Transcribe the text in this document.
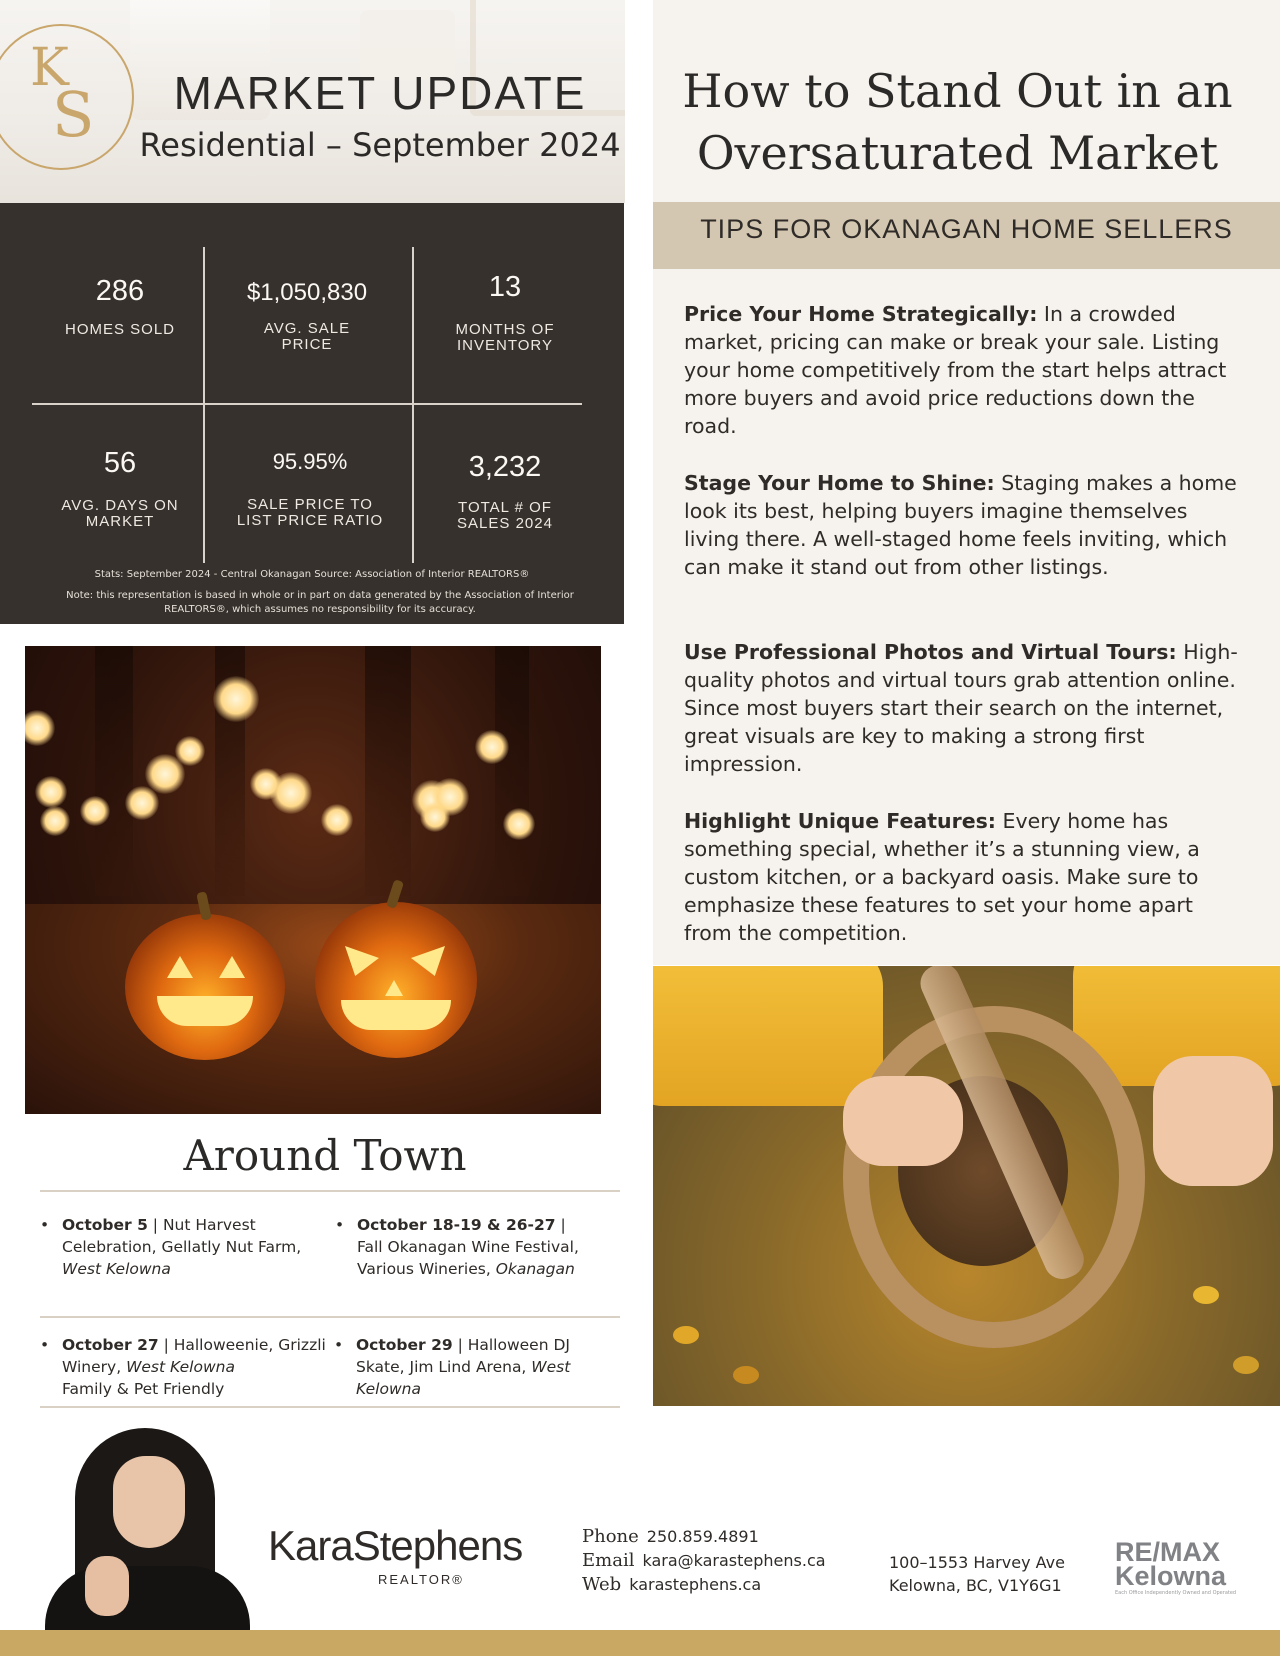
K
S	MARKET UPDATE
Residential – September 2024
286
HOMES SOLD
$1,050,830
AVG. SALE PRICE
13
MONTHS OF INVENTORY
56
AVG. DAYS ON MARKET
95.95%
SALE PRICE TO LIST PRICE RATIO
3,232
TOTAL # OF SALES 2024
Stats: September 2024 - Central Okanagan Source: Association of Interior REALTORS®
Note: this representation is based in whole or in part on data generated by the Association of Interior REALTORS®, which assumes no responsibility for its accuracy.
Around Town
• October 5 | Nut Harvest Celebration, Gellatly Nut Farm, West Kelowna
• October 18-19 & 26-27 | Fall Okanagan Wine Festival, Various Wineries, Okanagan
• October 27 | Halloweenie, Grizzli Winery, West Kelowna
Family & Pet Friendly
• October 29 | Halloween DJ Skate, Jim Lind Arena, West Kelowna
How to Stand Out in an
Oversaturated Market
TIPS FOR OKANAGAN HOME SELLERS
Price Your Home Strategically: In a crowded market, pricing can make or break your sale. Listing your home competitively from the start helps attract more buyers and avoid price reductions down the road.
Stage Your Home to Shine: Staging makes a home look its best, helping buyers imagine themselves living there. A well-staged home feels inviting, which can make it stand out from other listings.
Use Professional Photos and Virtual Tours: High-quality photos and virtual tours grab attention online. Since most buyers start their search on the internet, great visuals are key to making a strong first impression.
Highlight Unique Features: Every home has something special, whether it’s a stunning view, a custom kitchen, or a backyard oasis. Make sure to emphasize these features to set your home apart from the competition.
KaraStephens
REALTOR®
Phone 250.859.4891
Email kara@karastephens.ca
Web karastephens.ca
100–1553 Harvey Ave
Kelowna, BC, V1Y6G1
RE/MAX
Kelowna
Each Office Independently Owned and Operated
